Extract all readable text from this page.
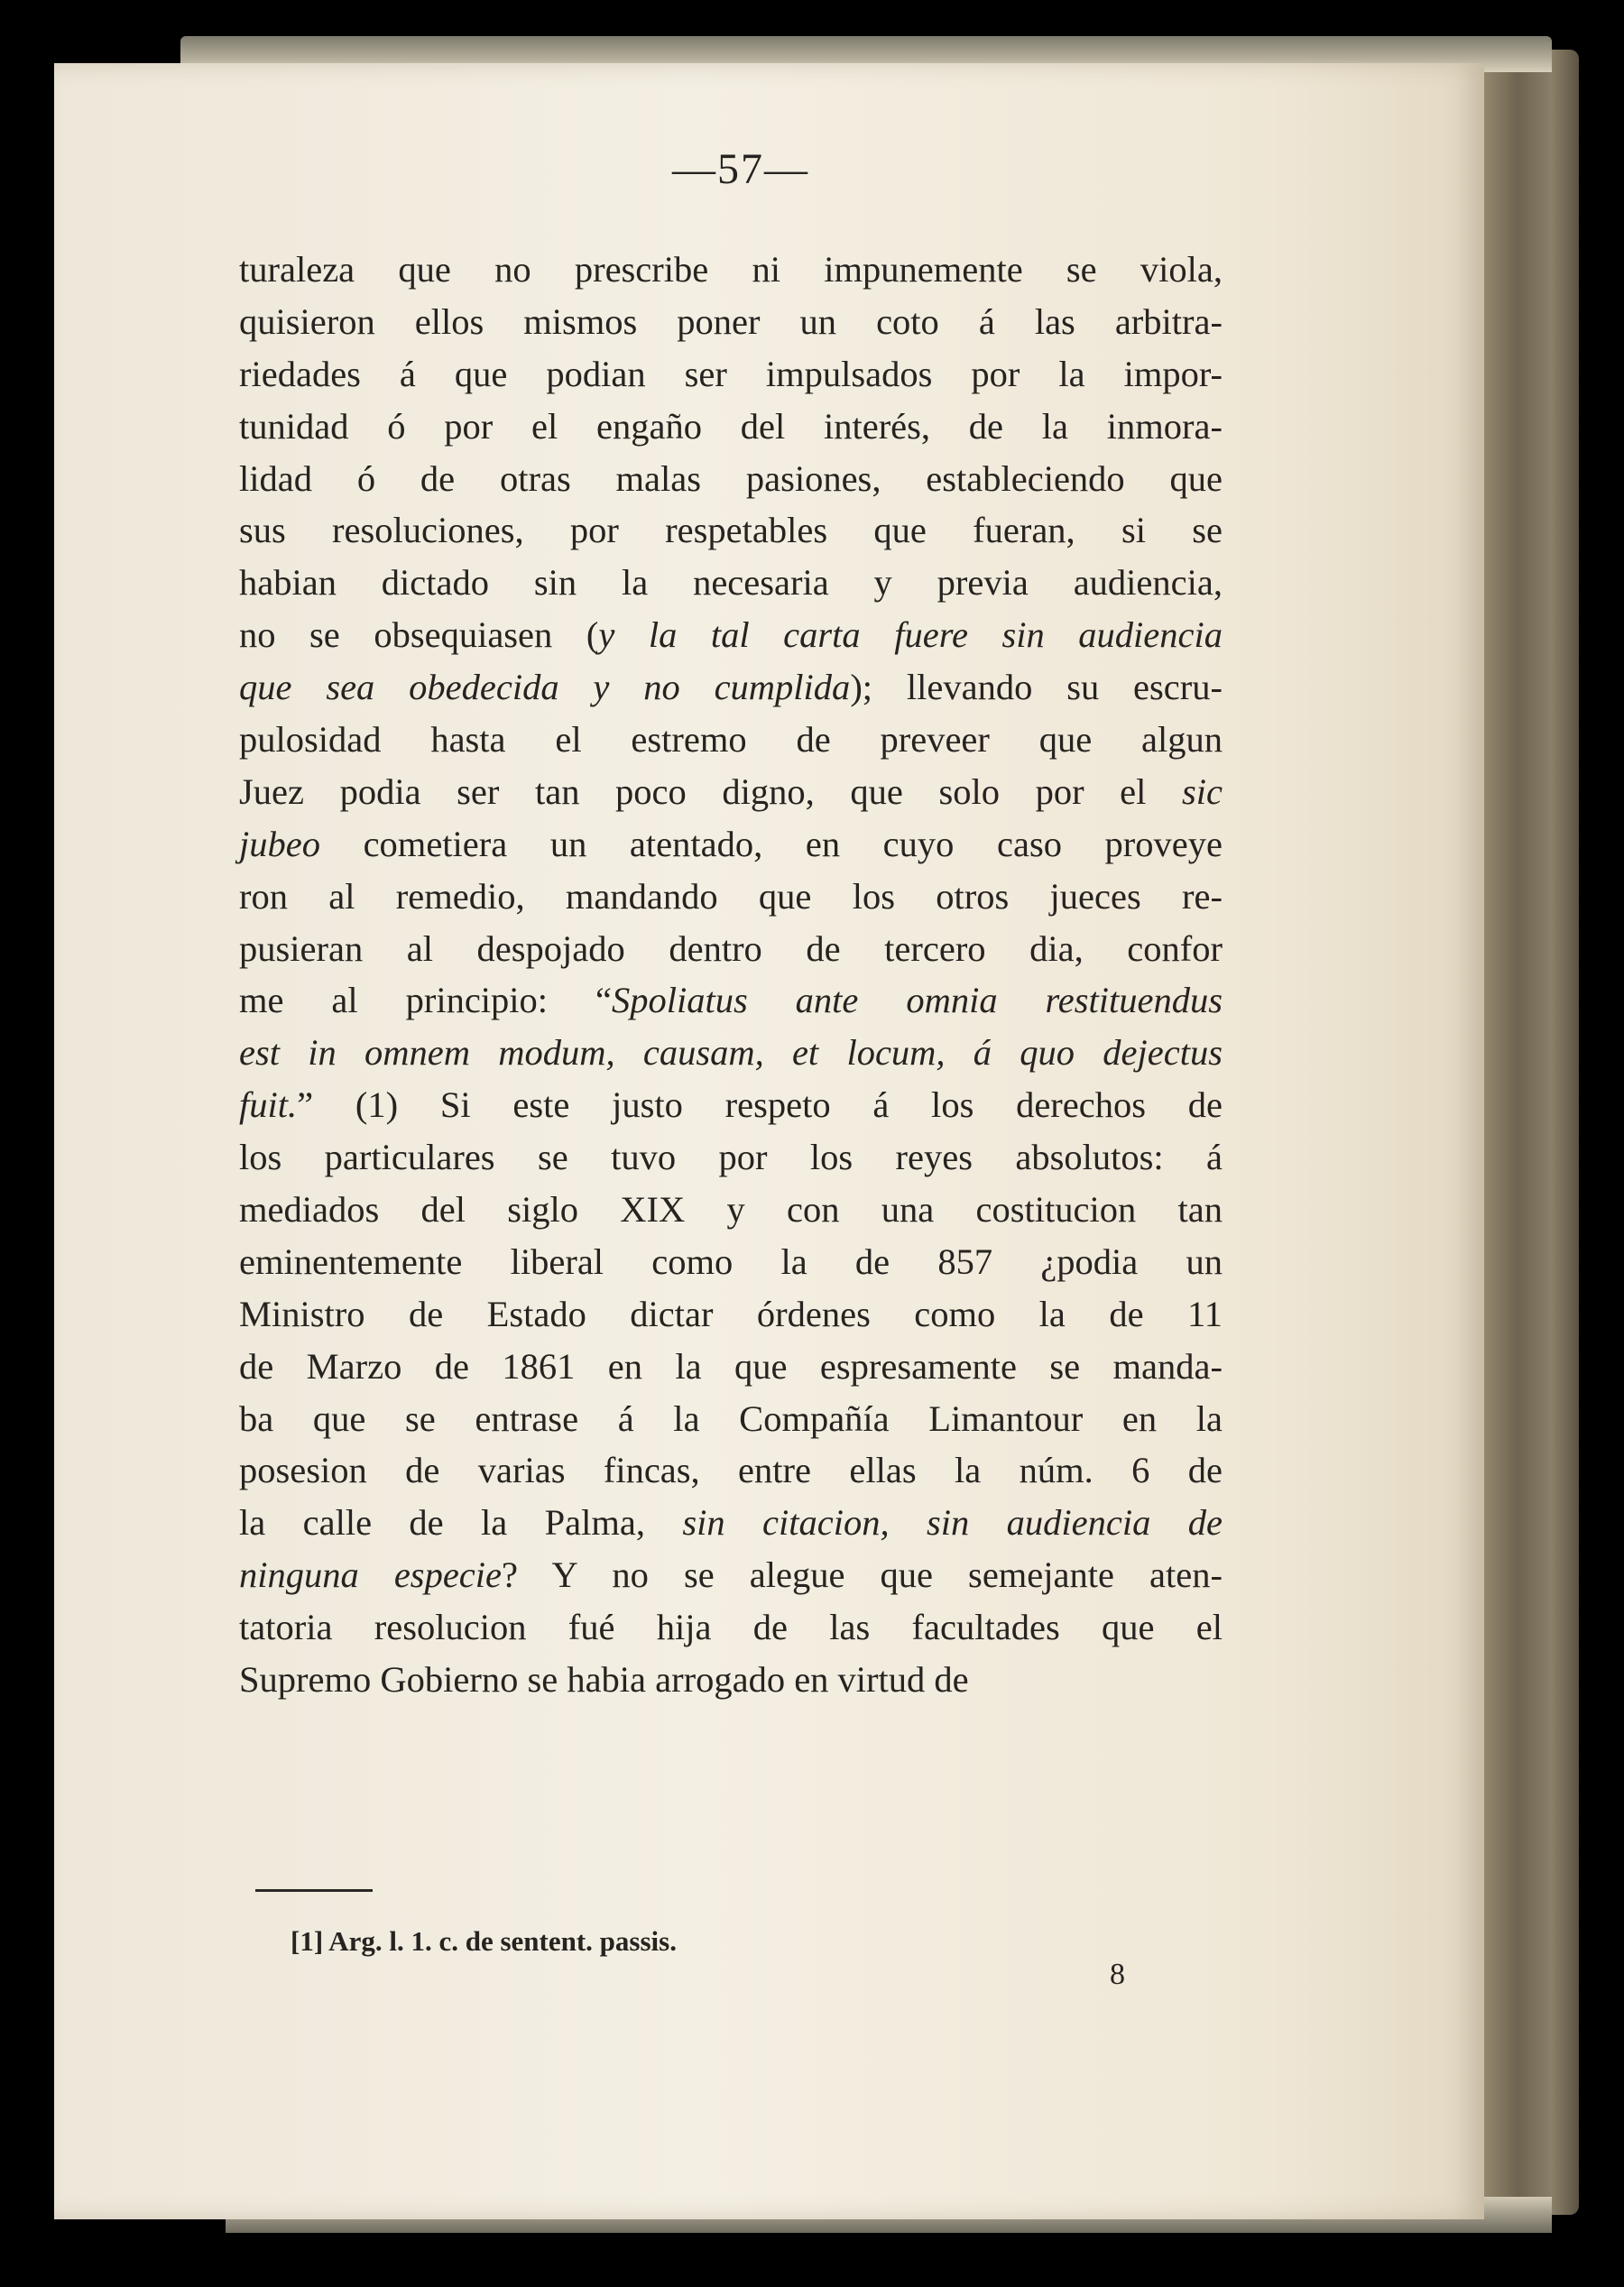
—57—
turaleza que no prescribe ni impunemente se viola,
quisieron ellos mismos poner un coto á las arbitra-
riedades á que podian ser impulsados por la impor-
tunidad ó por el engaño del interés, de la inmora-
lidad ó de otras malas pasiones, estableciendo que
sus resoluciones, por respetables que fueran, si se
habian dictado sin la necesaria y previa audiencia,
no se obsequiasen (y la tal carta fuere sin audiencia
que sea obedecida y no cumplida); llevando su escru-
pulosidad hasta el estremo de preveer que algun
Juez podia ser tan poco digno, que solo por el sic
jubeo cometiera un atentado, en cuyo caso proveye
ron al remedio, mandando que los otros jueces re-
pusieran al despojado dentro de tercero dia, confor
me al principio: “Spoliatus ante omnia restituendus
est in omnem modum, causam, et locum, á quo dejectus
fuit.” (1) Si este justo respeto á los derechos de
los particulares se tuvo por los reyes absolutos: á
mediados del siglo XIX y con una costitucion tan
eminentemente liberal como la de 857 ¿podia un
Ministro de Estado dictar órdenes como la de 11
de Marzo de 1861 en la que espresamente se manda-
ba que se entrase á la Compañía Limantour en la
posesion de varias fincas, entre ellas la núm. 6 de
la calle de la Palma, sin citacion, sin audiencia de
ninguna especie? Y no se alegue que semejante aten-
tatoria resolucion fué hija de las facultades que el
Supremo Gobierno se habia arrogado en virtud de
[1] Arg. l. 1. c. de sentent. passis.
8
